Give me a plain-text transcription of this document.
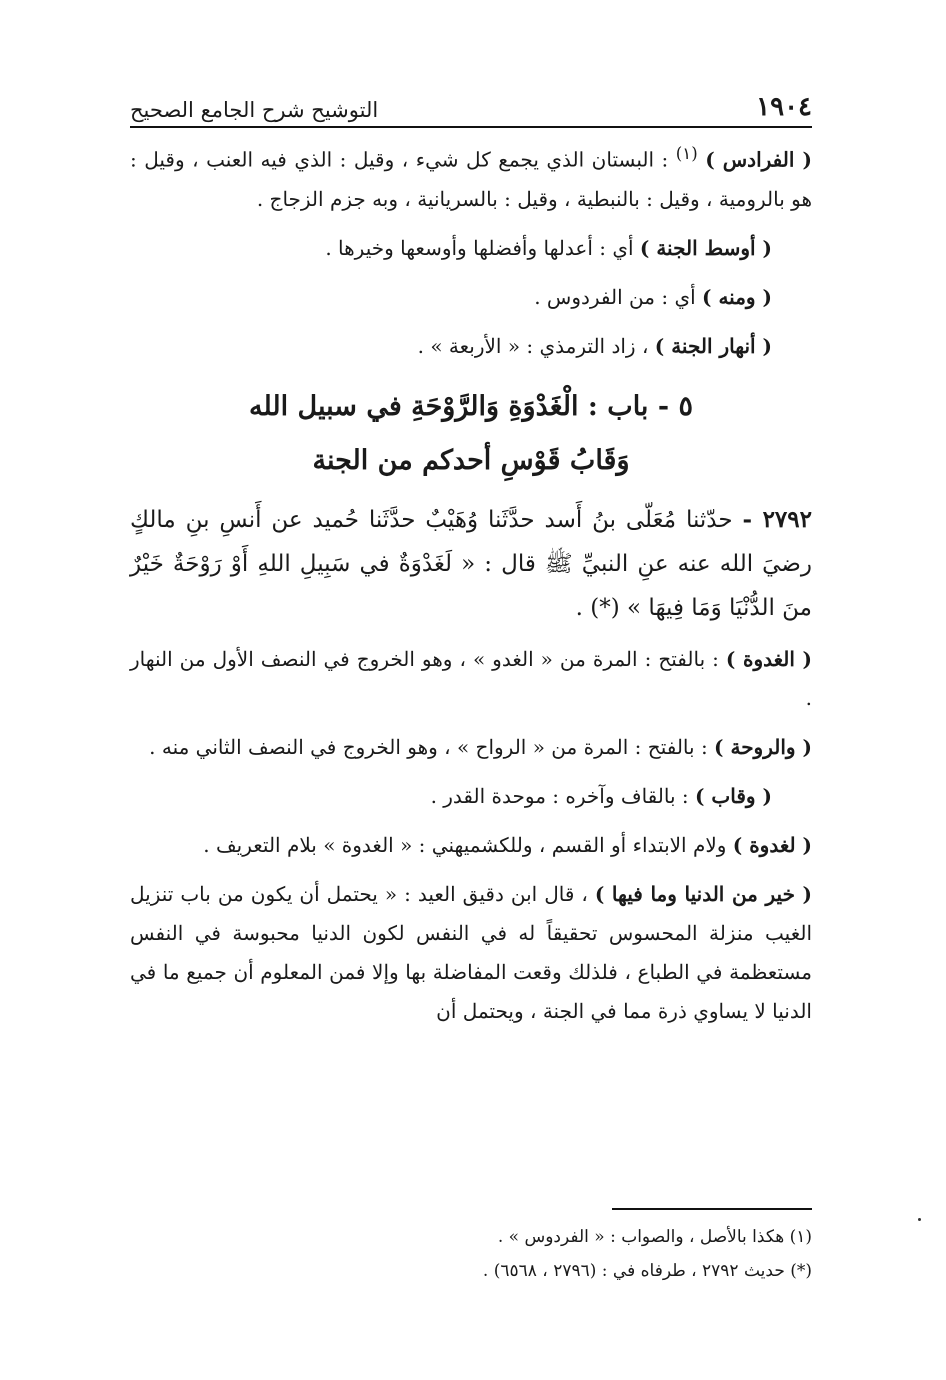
١٩٠٤
التوشيح شرح الجامع الصحيح

( الفرادس ) $^{(١)}$ : البستان الذي يجمع كل شيء ، وقيل : الذي فيه العنب ، وقيل : هو بالرومية ، وقيل : بالنبطية ، وقيل : بالسريانية ، وبه جزم الزجاج .

( أوسط الجنة ) أي : أعدلها وأفضلها وأوسعها وخيرها .

( ومنه ) أي : من الفردوس .

( أنهار الجنة ) ، زاد الترمذي : « الأربعة » .

٥ - باب : الْغَدْوَةِ وَالرَّوْحَةِ في سبيل الله
وَقَابُ قَوْسِ أحدكم من الجنة

٢٧٩٢ - حدّثنا مُعَلّى بنُ أَسد حدَّثَنا وُهَيْبٌ حدَّثَنا حُميد عن أَنسِ بنِ مالكٍ رضيَ الله عنه عنِ النبيِّ ﷺ قال : « لَغَدْوَةٌ في سَبِيلِ اللهِ أَوْ رَوْحَةٌ خَيْرٌ منَ الدُّنْيَا وَمَا فِيهَا » (*) .

( الغدوة ) : بالفتح : المرة من « الغدو » ، وهو الخروج في النصف الأول من النهار .

( والروحة ) : بالفتح : المرة من « الرواح » ، وهو الخروج في النصف الثاني منه .

( وقاب ) : بالقاف وآخره : موحدة القدر .

( لغدوة ) ولام الابتداء أو القسم ، وللكشميهني : « الغدوة » بلام التعريف .

( خير من الدنيا وما فيها ) ، قال ابن دقيق العيد : « يحتمل أن يكون من باب تنزيل الغيب منزلة المحسوس تحقيقاً له في النفس لكون الدنيا محبوسة في النفس مستعظمة في الطباع ، فلذلك وقعت المفاضلة بها وإلا فمن المعلوم أن جميع ما في الدنيا لا يساوي ذرة مما في الجنة ، ويحتمل أن

(١) هكذا بالأصل ، والصواب : « الفردوس » .
(*) حديث ٢٧٩٢ ، طرفاه في : (٢٧٩٦ ، ٦٥٦٨) .
